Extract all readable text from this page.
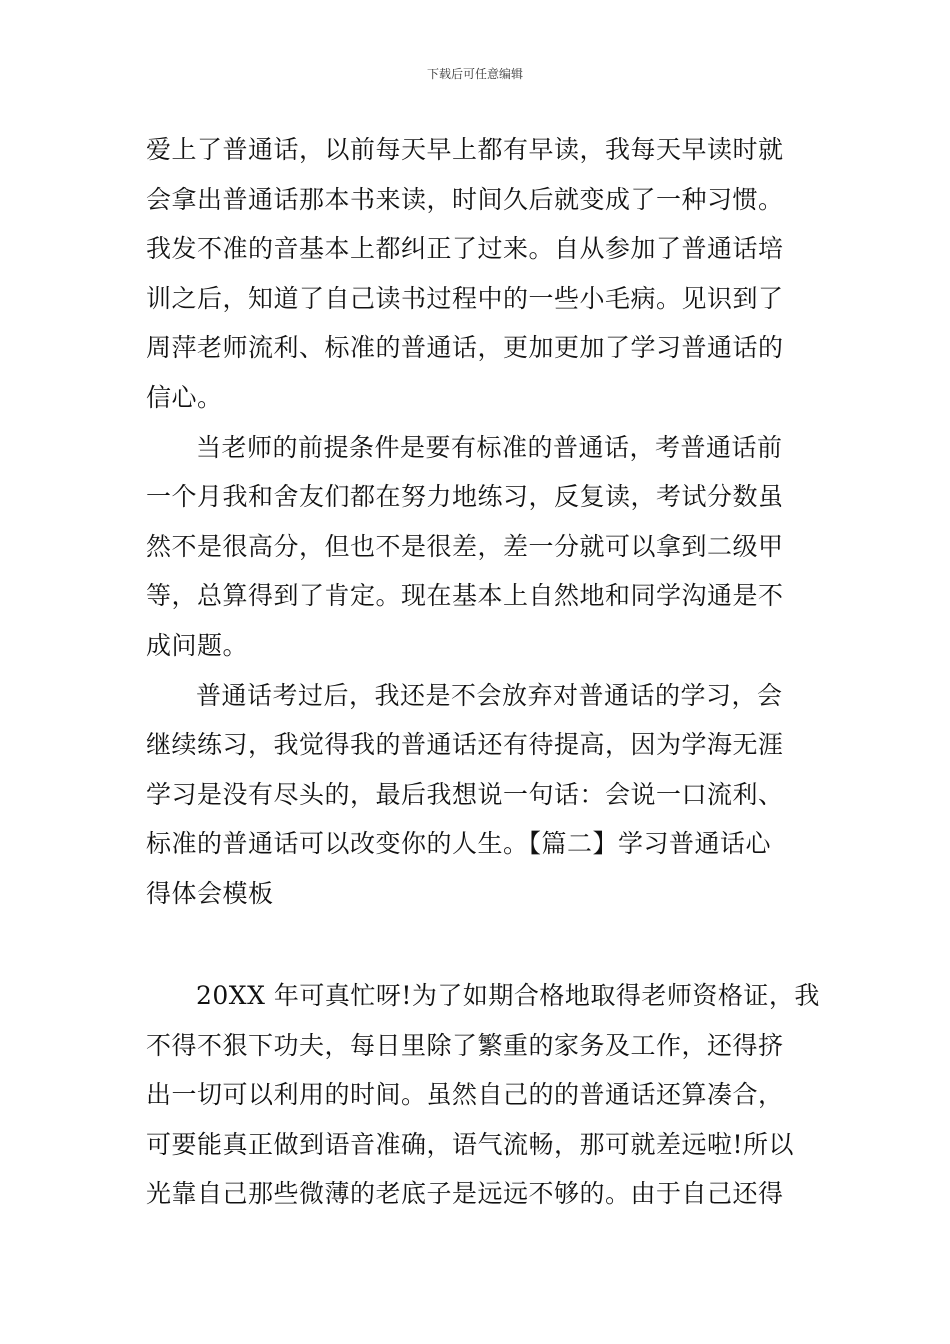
下载后可任意编辑
爱上了普通话，以前每天早上都有早读，我每天早读时就
会拿出普通话那本书来读，时间久后就变成了一种习惯。
我发不准的音基本上都纠正了过来。自从参加了普通话培
训之后，知道了自己读书过程中的一些小毛病。见识到了
周萍老师流利、标准的普通话，更加更加了学习普通话的
信心。
当老师的前提条件是要有标准的普通话，考普通话前
一个月我和舍友们都在努力地练习，反复读，考试分数虽
然不是很高分，但也不是很差，差一分就可以拿到二级甲
等，总算得到了肯定。现在基本上自然地和同学沟通是不
成问题。
普通话考过后，我还是不会放弃对普通话的学习，会
继续练习，我觉得我的普通话还有待提高，因为学海无涯
学习是没有尽头的，最后我想说一句话：会说一口流利、
标准的普通话可以改变你的人生。【篇二】学习普通话心
得体会模板
20XX 年可真忙呀!为了如期合格地取得老师资格证，我
不得不狠下功夫，每日里除了繁重的家务及工作，还得挤
出一切可以利用的时间。虽然自己的的普通话还算凑合，
可要能真正做到语音准确，语气流畅，那可就差远啦!所以
光靠自己那些微薄的老底子是远远不够的。由于自己还得
